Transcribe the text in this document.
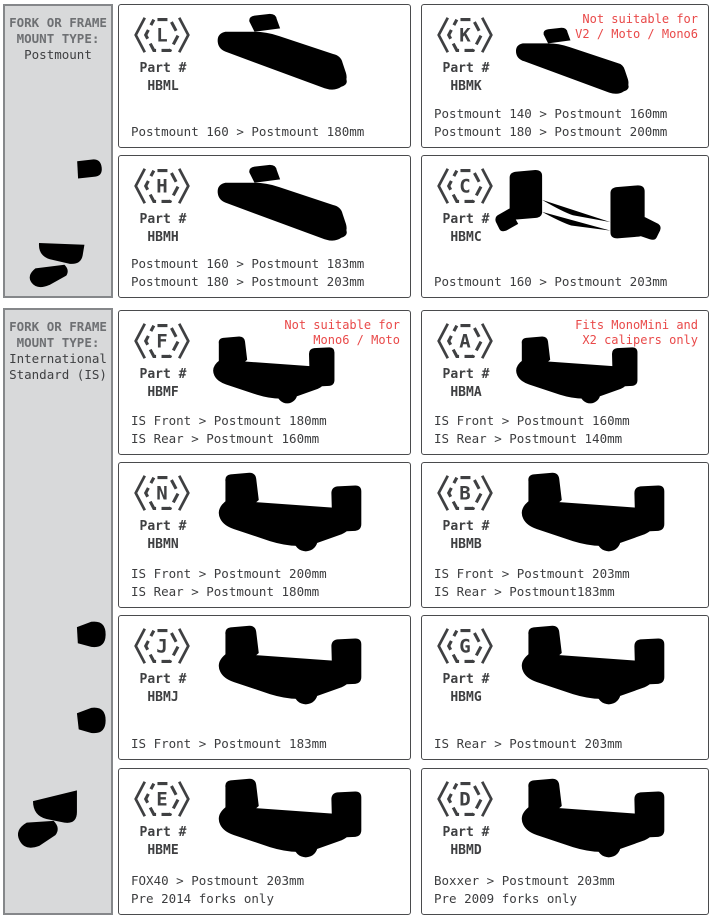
FORK OR FRAME
MOUNT TYPE:
Postmount
FORK OR FRAME
MOUNT TYPE:
International
Standard (IS)
L
Part #
HBML
Postmount 160 > Postmount 180mm
K
Part #
HBMK
Not suitable for
V2 / Moto / Mono6
Postmount 140 > Postmount 160mm
Postmount 180 > Postmount 200mm
H
Part #
HBMH
Postmount 160 > Postmount 183mm
Postmount 180 > Postmount 203mm
C
Part #
HBMC
Postmount 160 > Postmount 203mm
F
Part #
HBMF
Not suitable for
Mono6 / Moto
IS Front > Postmount 180mm
IS Rear > Postmount 160mm
A
Part #
HBMA
Fits MonoMini and
X2 calipers only
IS Front > Postmount 160mm
IS Rear > Postmount 140mm
N
Part #
HBMN
IS Front > Postmount 200mm
IS Rear > Postmount 180mm
B
Part #
HBMB
IS Front > Postmount 203mm
IS Rear > Postmount183mm
J
Part #
HBMJ
IS Front > Postmount 183mm
G
Part #
HBMG
IS Rear > Postmount 203mm
E
Part #
HBME
FOX40 > Postmount 203mm
Pre 2014 forks only
D
Part #
HBMD
Boxxer > Postmount 203mm
Pre 2009 forks only
